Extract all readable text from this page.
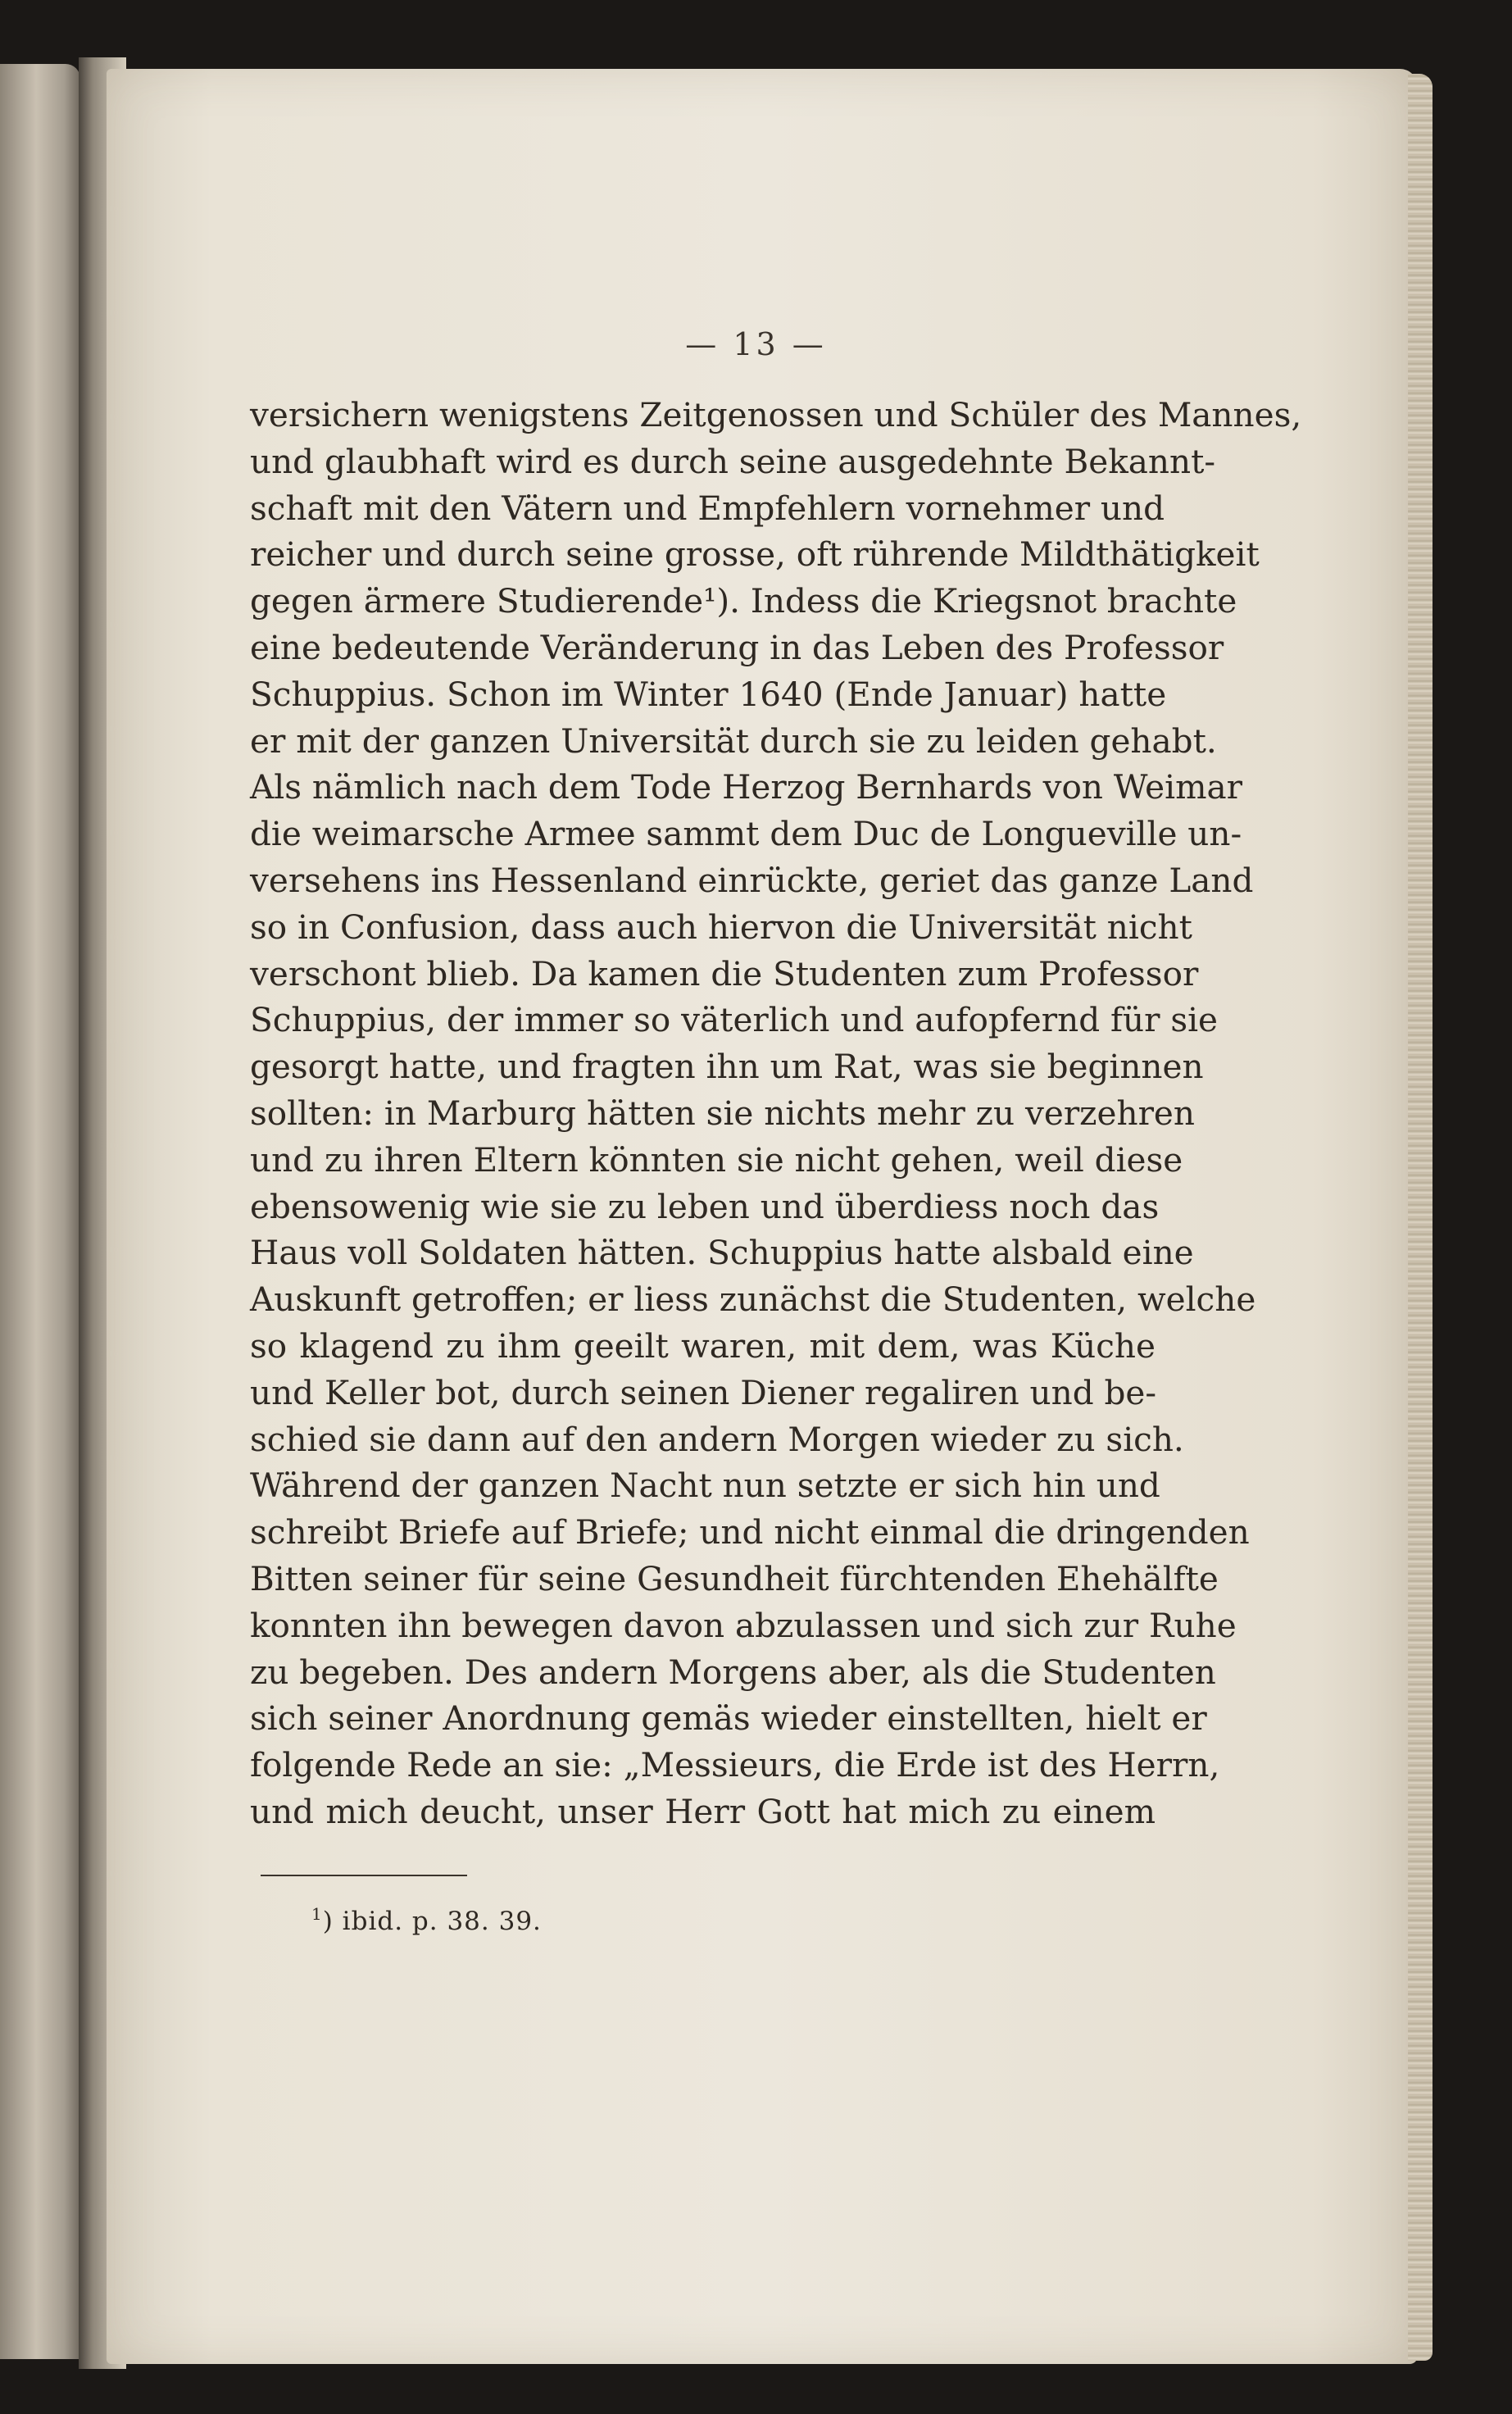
— 13 —
versichern wenigstens Zeitgenossen und Schüler des Mannes,
und glaubhaft wird es durch seine ausgedehnte Bekannt-
schaft mit den Vätern und Empfehlern vornehmer und
reicher und durch seine grosse, oft rührende Mildthätigkeit
gegen ärmere Studierende¹). Indess die Kriegsnot brachte
eine bedeutende Veränderung in das Leben des Professor
Schuppius. Schon im Winter 1640 (Ende Januar) hatte
er mit der ganzen Universität durch sie zu leiden gehabt.
Als nämlich nach dem Tode Herzog Bernhards von Weimar
die weimarsche Armee sammt dem Duc de Longueville un-
versehens ins Hessenland einrückte, geriet das ganze Land
so in Confusion, dass auch hiervon die Universität nicht
verschont blieb. Da kamen die Studenten zum Professor
Schuppius, der immer so väterlich und aufopfernd für sie
gesorgt hatte, und fragten ihn um Rat, was sie beginnen
sollten: in Marburg hätten sie nichts mehr zu verzehren
und zu ihren Eltern könnten sie nicht gehen, weil diese
ebensowenig wie sie zu leben und überdiess noch das
Haus voll Soldaten hätten. Schuppius hatte alsbald eine
Auskunft getroffen; er liess zunächst die Studenten, welche
so klagend zu ihm geeilt waren, mit dem, was Küche
und Keller bot, durch seinen Diener regaliren und be-
schied sie dann auf den andern Morgen wieder zu sich.
Während der ganzen Nacht nun setzte er sich hin und
schreibt Briefe auf Briefe; und nicht einmal die dringenden
Bitten seiner für seine Gesundheit fürchtenden Ehehälfte
konnten ihn bewegen davon abzulassen und sich zur Ruhe
zu begeben. Des andern Morgens aber, als die Studenten
sich seiner Anordnung gemäs wieder einstellten, hielt er
folgende Rede an sie: „Messieurs, die Erde ist des Herrn,
und mich deucht, unser Herr Gott hat mich zu einem
$^1$) ibid. p. 38. 39.
